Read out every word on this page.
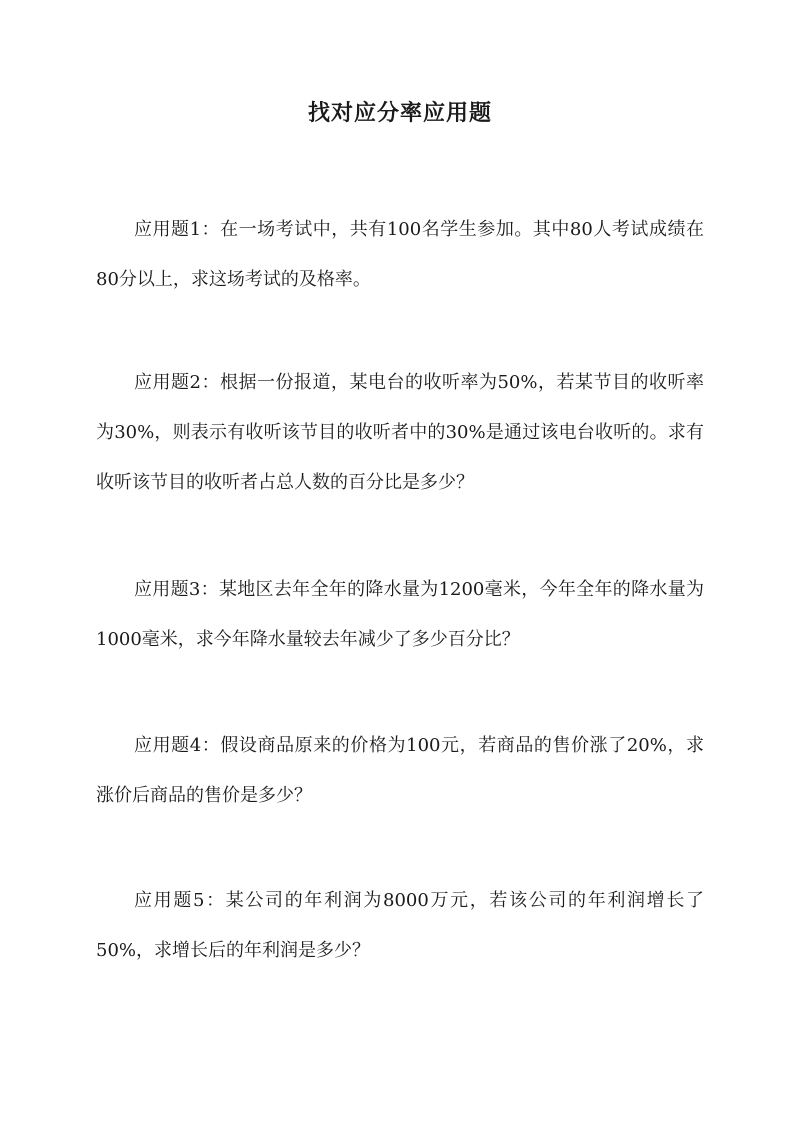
找对应分率应用题

应用题1：在一场考试中，共有100名学生参加。其中80人考试成绩在80分以上，求这场考试的及格率。

应用题2：根据一份报道，某电台的收听率为50%，若某节目的收听率为30%，则表示有收听该节目的收听者中的30%是通过该电台收听的。求有收听该节目的收听者占总人数的百分比是多少？

应用题3：某地区去年全年的降水量为1200毫米，今年全年的降水量为1000毫米，求今年降水量较去年减少了多少百分比？

应用题4：假设商品原来的价格为100元，若商品的售价涨了20%，求涨价后商品的售价是多少？

应用题5：某公司的年利润为8000万元，若该公司的年利润增长了50%，求增长后的年利润是多少？
